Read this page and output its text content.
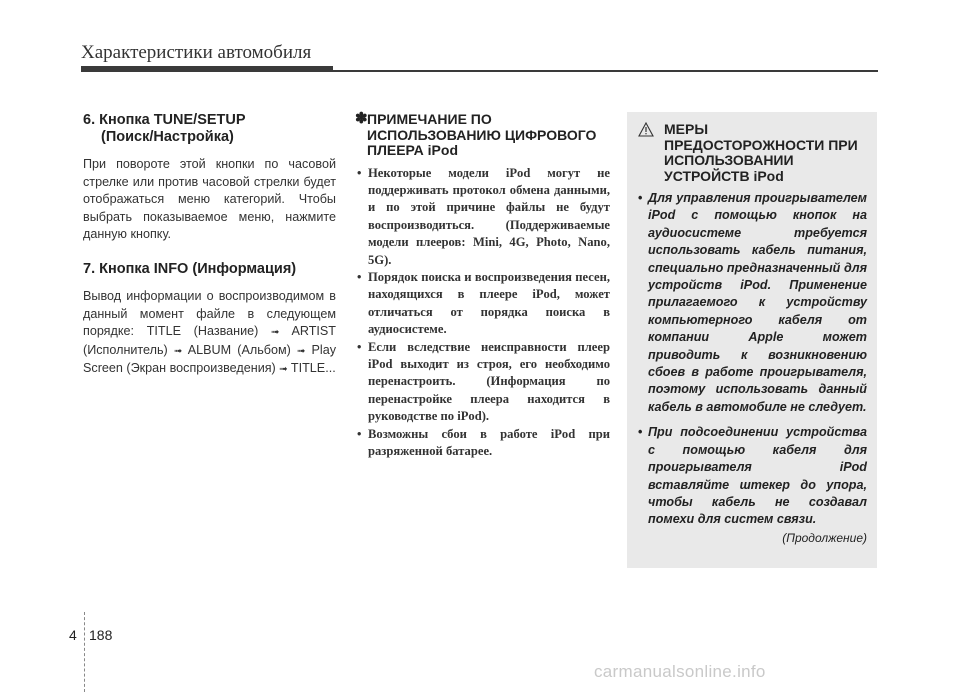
Характеристики автомобиля
6. Кнопка TUNE/SETUP
(Поиск/Настройка)

При повороте этой кнопки по часовой стрелке или против часовой стрелки будет отображаться меню категорий. Чтобы выбрать показываемое меню, нажмите данную кнопку.

7. Кнопка INFO (Информация)

Вывод информации о воспроизводимом в данный момент файле в следующем порядке: TITLE (Название) ➟ ARTIST (Исполнитель) ➟ ALBUM (Альбом) ➟ Play Screen (Экран воспроизведения) ➟ TITLE...

✽ ПРИМЕЧАНИЕ ПО ИСПОЛЬЗОВАНИЮ ЦИФРОВОГО ПЛЕЕРА iPod
• Некоторые модели iPod могут не поддерживать протокол обмена данными, и по этой причине файлы не будут воспроизводиться. (Поддерживаемые модели плееров: Mini, 4G, Photo, Nano, 5G).
• Порядок поиска и воспроизведения песен, находящихся в плеере iPod, может отличаться от порядка поиска в аудиосистеме.
• Если вследствие неисправности плеер iPod выходит из строя, его необходимо перенастроить. (Информация по перенастройке плеера находится в руководстве по iPod).
• Возможны сбои в работе iPod при разряженной батарее.
МЕРЫ ПРЕДОСТОРОЖНОСТИ ПРИ ИСПОЛЬЗОВАНИИ УСТРОЙСТВ iPod
• Для управления проигрывателем iPod с помощью кнопок на аудиосистеме требуется использовать кабель питания, специально предназначенный для устройств iPod. Применение прилагаемого к устройству компьютерного кабеля от компании Apple может приводить к возникновению сбоев в работе проигрывателя, поэтому использовать данный кабель в автомобиле не следует.
• При подсоединении устройства с помощью кабеля для проигрывателя iPod вставляйте штекер до упора, чтобы кабель не создавал помехи для систем связи.
(Продолжение)
4 188
carmanualsonline.info
